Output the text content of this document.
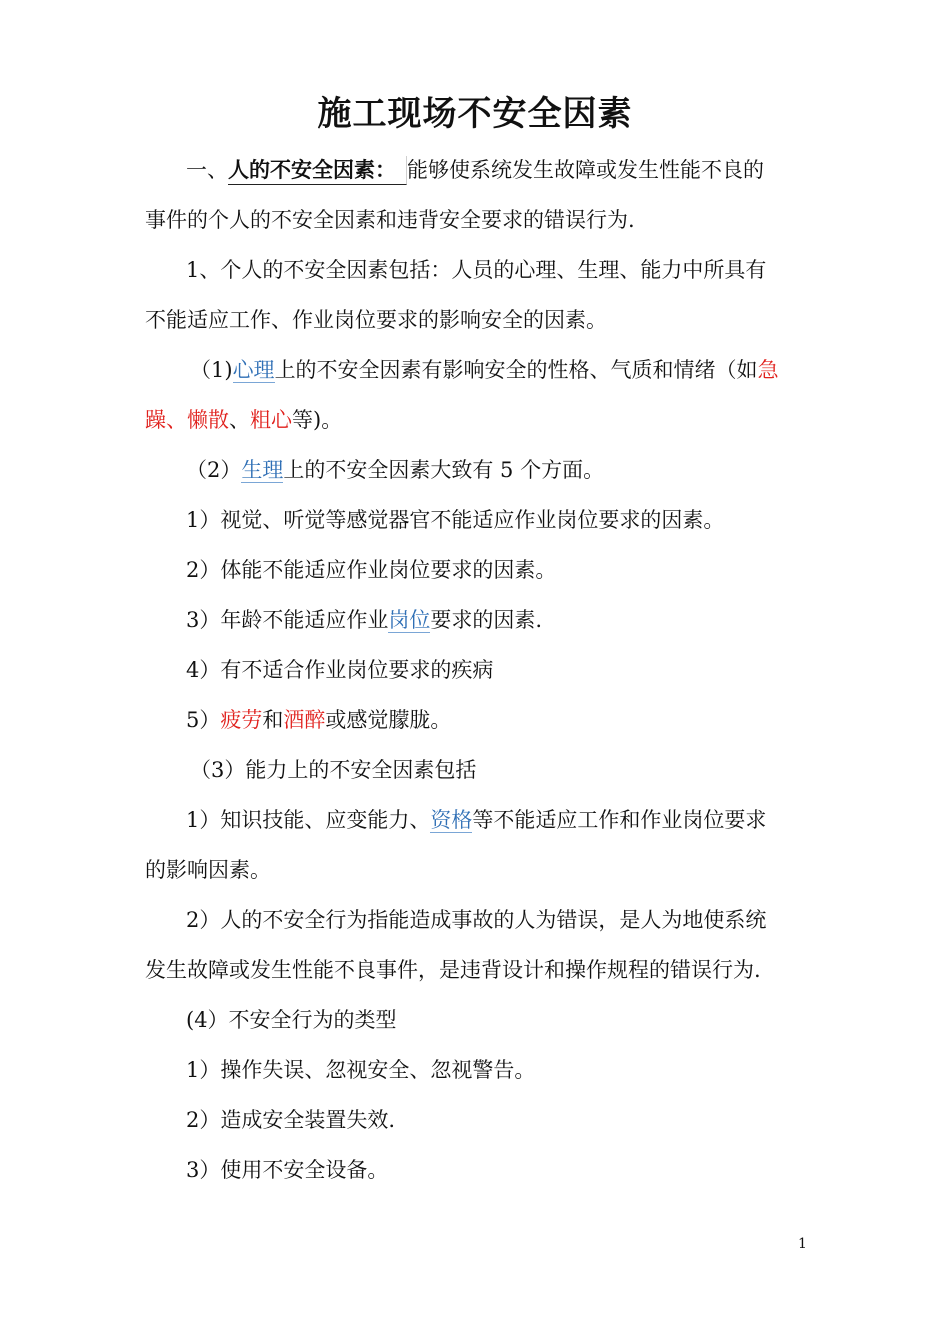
施工现场不安全因素
一、人的不安全因素： 能够使系统发生故障或发生性能不良的
事件的个人的不安全因素和违背安全要求的错误行为.
1、个人的不安全因素包括：人员的心理、生理、能力中所具有
不能适应工作、作业岗位要求的影响安全的因素。
（1)心理上的不安全因素有影响安全的性格、气质和情绪（如急
躁、懒散、粗心等)。
（2）生理上的不安全因素大致有 5 个方面。
1）视觉、听觉等感觉器官不能适应作业岗位要求的因素。
2）体能不能适应作业岗位要求的因素。
3）年龄不能适应作业岗位要求的因素.
4）有不适合作业岗位要求的疾病
5）疲劳和酒醉或感觉朦胧。
（3）能力上的不安全因素包括
1）知识技能、应变能力、资格等不能适应工作和作业岗位要求
的影响因素。
2）人的不安全行为指能造成事故的人为错误，是人为地使系统
发生故障或发生性能不良事件，是违背设计和操作规程的错误行为.
(4）不安全行为的类型
1）操作失误、忽视安全、忽视警告。
2）造成安全装置失效.
3）使用不安全设备。
1
